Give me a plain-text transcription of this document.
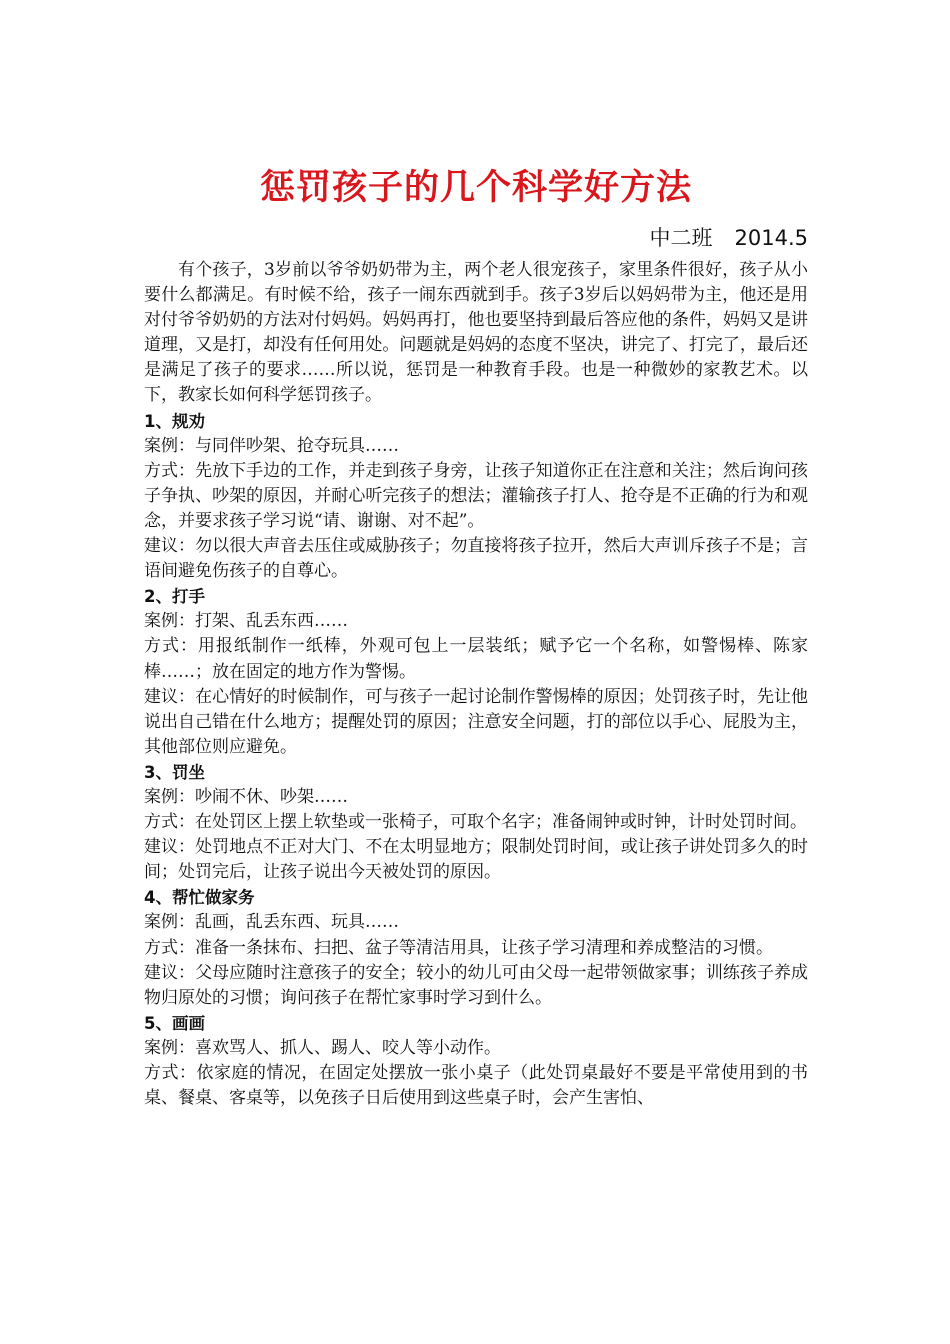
惩罚孩子的几个科学好方法
中二班 2014.5

有个孩子，3岁前以爷爷奶奶带为主，两个老人很宠孩子，家里条件很好，孩子从小要什么都满足。有时候不给，孩子一闹东西就到手。孩子3岁后以妈妈带为主，他还是用对付爷爷奶奶的方法对付妈妈。妈妈再打，他也要坚持到最后答应他的条件，妈妈又是讲道理，又是打，却没有任何用处。问题就是妈妈的态度不坚决，讲完了、打完了，最后还是满足了孩子的要求……所以说，惩罚是一种教育手段。也是一种微妙的家教艺术。以下，教家长如何科学惩罚孩子。

1、规劝

案例：与同伴吵架、抢夺玩具……

方式：先放下手边的工作，并走到孩子身旁，让孩子知道你正在注意和关注；然后询问孩子争执、吵架的原因，并耐心听完孩子的想法；灌输孩子打人、抢夺是不正确的行为和观念，并要求孩子学习说“请、谢谢、对不起”。

建议：勿以很大声音去压住或威胁孩子；勿直接将孩子拉开，然后大声训斥孩子不是；言语间避免伤孩子的自尊心。

2、打手

案例：打架、乱丢东西……

方式：用报纸制作一纸棒，外观可包上一层装纸；赋予它一个名称，如警惕棒、陈家棒……；放在固定的地方作为警惕。

建议：在心情好的时候制作，可与孩子一起讨论制作警惕棒的原因；处罚孩子时，先让他说出自己错在什么地方；提醒处罚的原因；注意安全问题，打的部位以手心、屁股为主，其他部位则应避免。

3、罚坐

案例：吵闹不休、吵架……

方式：在处罚区上摆上软垫或一张椅子，可取个名字；准备闹钟或时钟，计时处罚时间。

建议：处罚地点不正对大门、不在太明显地方；限制处罚时间，或让孩子讲处罚多久的时间；处罚完后，让孩子说出今天被处罚的原因。

4、帮忙做家务

案例：乱画，乱丢东西、玩具……

方式：准备一条抹布、扫把、盆子等清洁用具，让孩子学习清理和养成整洁的习惯。

建议：父母应随时注意孩子的安全；较小的幼儿可由父母一起带领做家事；训练孩子养成物归原处的习惯；询问孩子在帮忙家事时学习到什么。

5、画画

案例：喜欢骂人、抓人、踢人、咬人等小动作。

方式：依家庭的情况，在固定处摆放一张小桌子（此处罚桌最好不要是平常使用到的书桌、餐桌、客桌等，以免孩子日后使用到这些桌子时，会产生害怕、
